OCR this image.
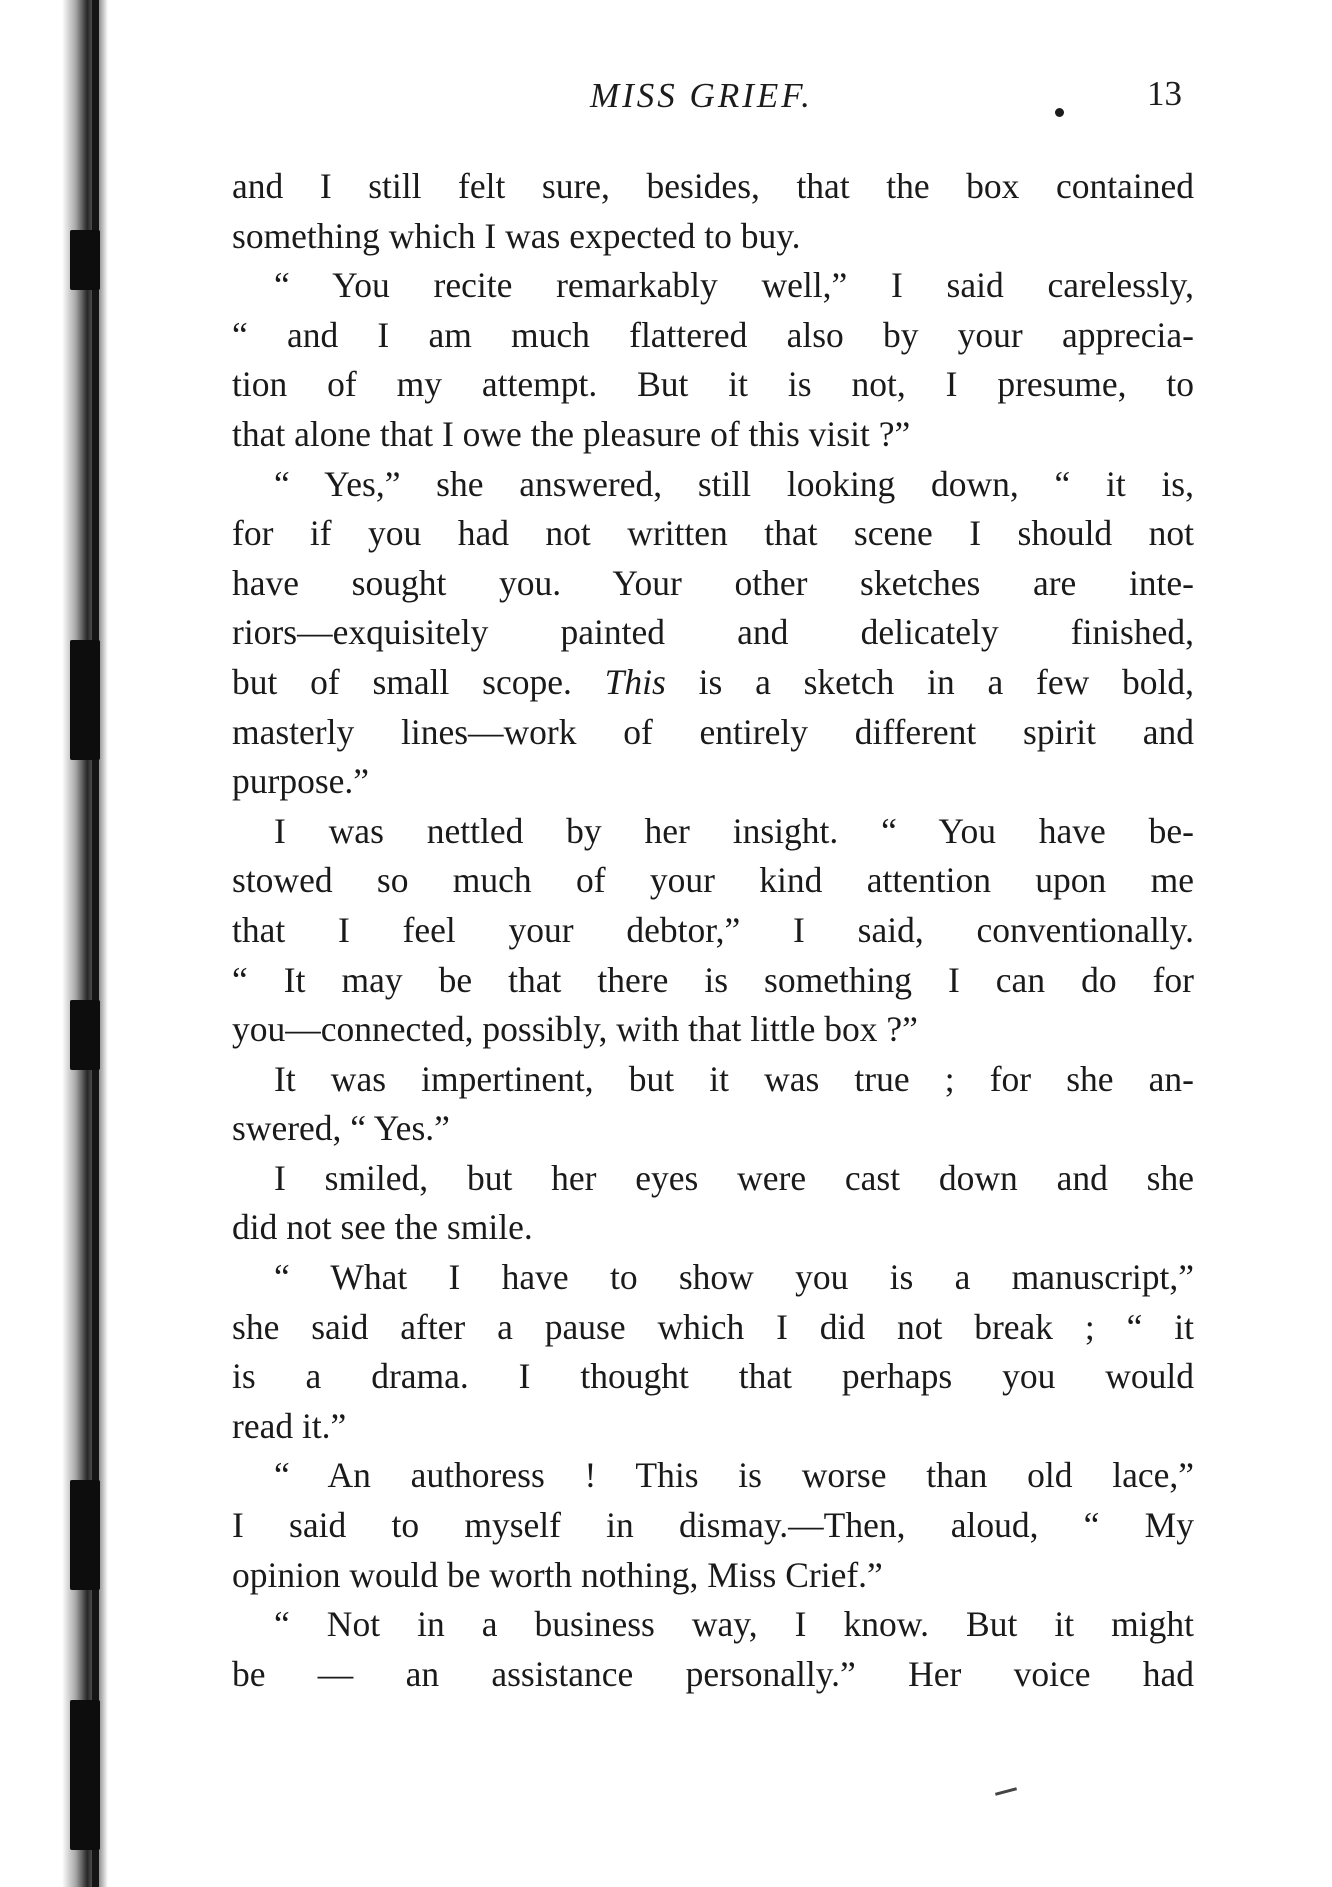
MISS GRIEF.	13
and I still felt sure, besides, that the box contained
something which I was expected to buy.
“ You recite remarkably well,” I said carelessly,
“ and I am much flattered also by your apprecia-
tion of my attempt. But it is not, I presume, to
that alone that I owe the pleasure of this visit ?”
“ Yes,” she answered, still looking down, “ it is,
for if you had not written that scene I should not
have sought you. Your other sketches are inte-
riors—exquisitely painted and delicately finished,
but of small scope. This is a sketch in a few bold,
masterly lines—work of entirely different spirit and
purpose.”
I was nettled by her insight. “ You have be-
stowed so much of your kind attention upon me
that I feel your debtor,” I said, conventionally.
“ It may be that there is something I can do for
you—connected, possibly, with that little box ?”
It was impertinent, but it was true ; for she an-
swered, “ Yes.”
I smiled, but her eyes were cast down and she
did not see the smile.
“ What I have to show you is a manuscript,”
she said after a pause which I did not break ; “ it
is a drama. I thought that perhaps you would
read it.”
“ An authoress ! This is worse than old lace,”
I said to myself in dismay.—Then, aloud, “ My
opinion would be worth nothing, Miss Crief.”
“ Not in a business way, I know. But it might
be — an assistance personally.” Her voice had
